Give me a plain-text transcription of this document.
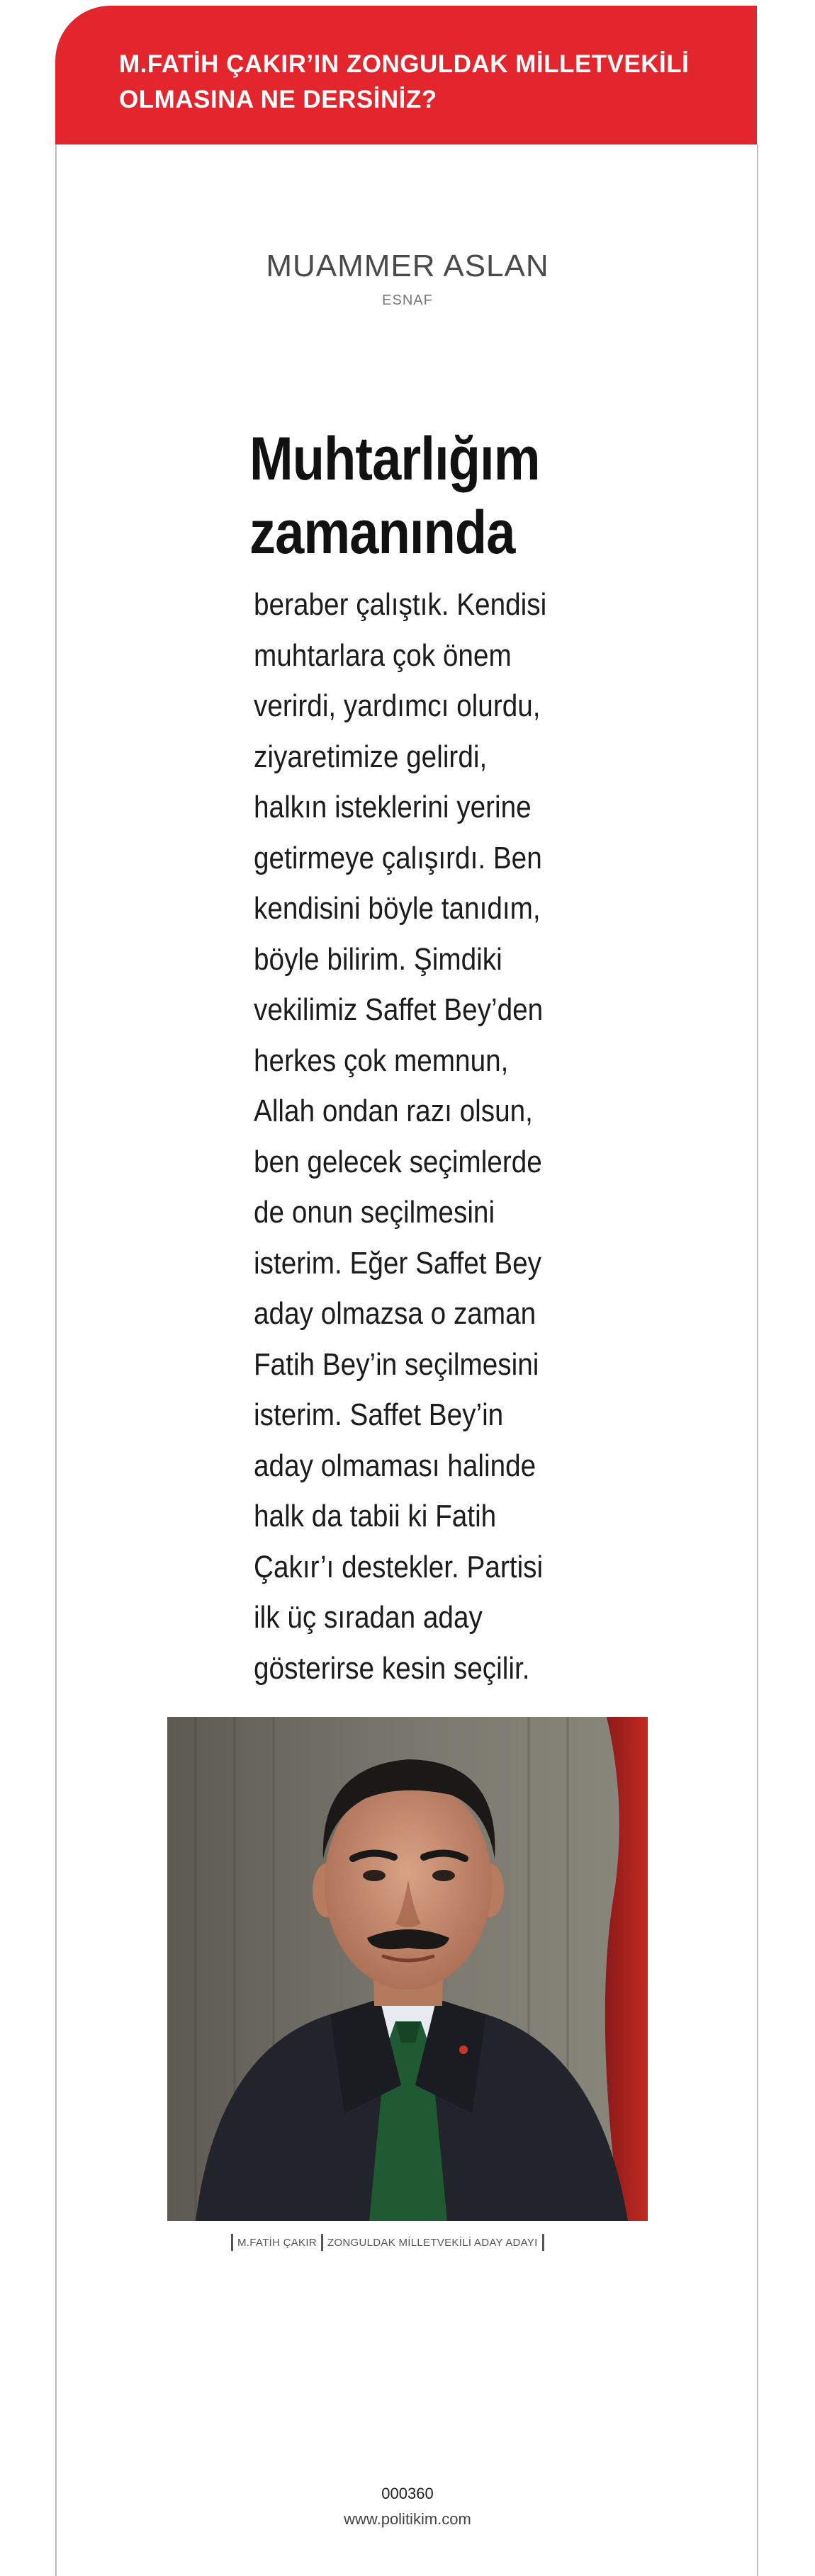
M.FATİH ÇAKIR’IN ZONGULDAK MİLLETVEKİLİ
OLMASINA NE DERSİNİZ?
MUAMMER ASLAN
ESNAF
Muhtarlığım
zamanında
beraber çalıştık. Kendisi
muhtarlara çok önem
verirdi, yardımcı olurdu,
ziyaretimize gelirdi,
halkın isteklerini yerine
getirmeye çalışırdı. Ben
kendisini böyle tanıdım,
böyle bilirim. Şimdiki
vekilimiz Saffet Bey’den
herkes çok memnun,
Allah ondan razı olsun,
ben gelecek seçimlerde
de onun seçilmesini
isterim. Eğer Saffet Bey
aday olmazsa o zaman
Fatih Bey’in seçilmesini
isterim. Saffet Bey’in
aday olmaması halinde
halk da tabii ki Fatih
Çakır’ı destekler. Partisi
ilk üç sıradan aday
gösterirse kesin seçilir.
M.FATİH ÇAKIR ZONGULDAK MİLLETVEKİLİ ADAY ADAYI
000360
www.politikim.com
